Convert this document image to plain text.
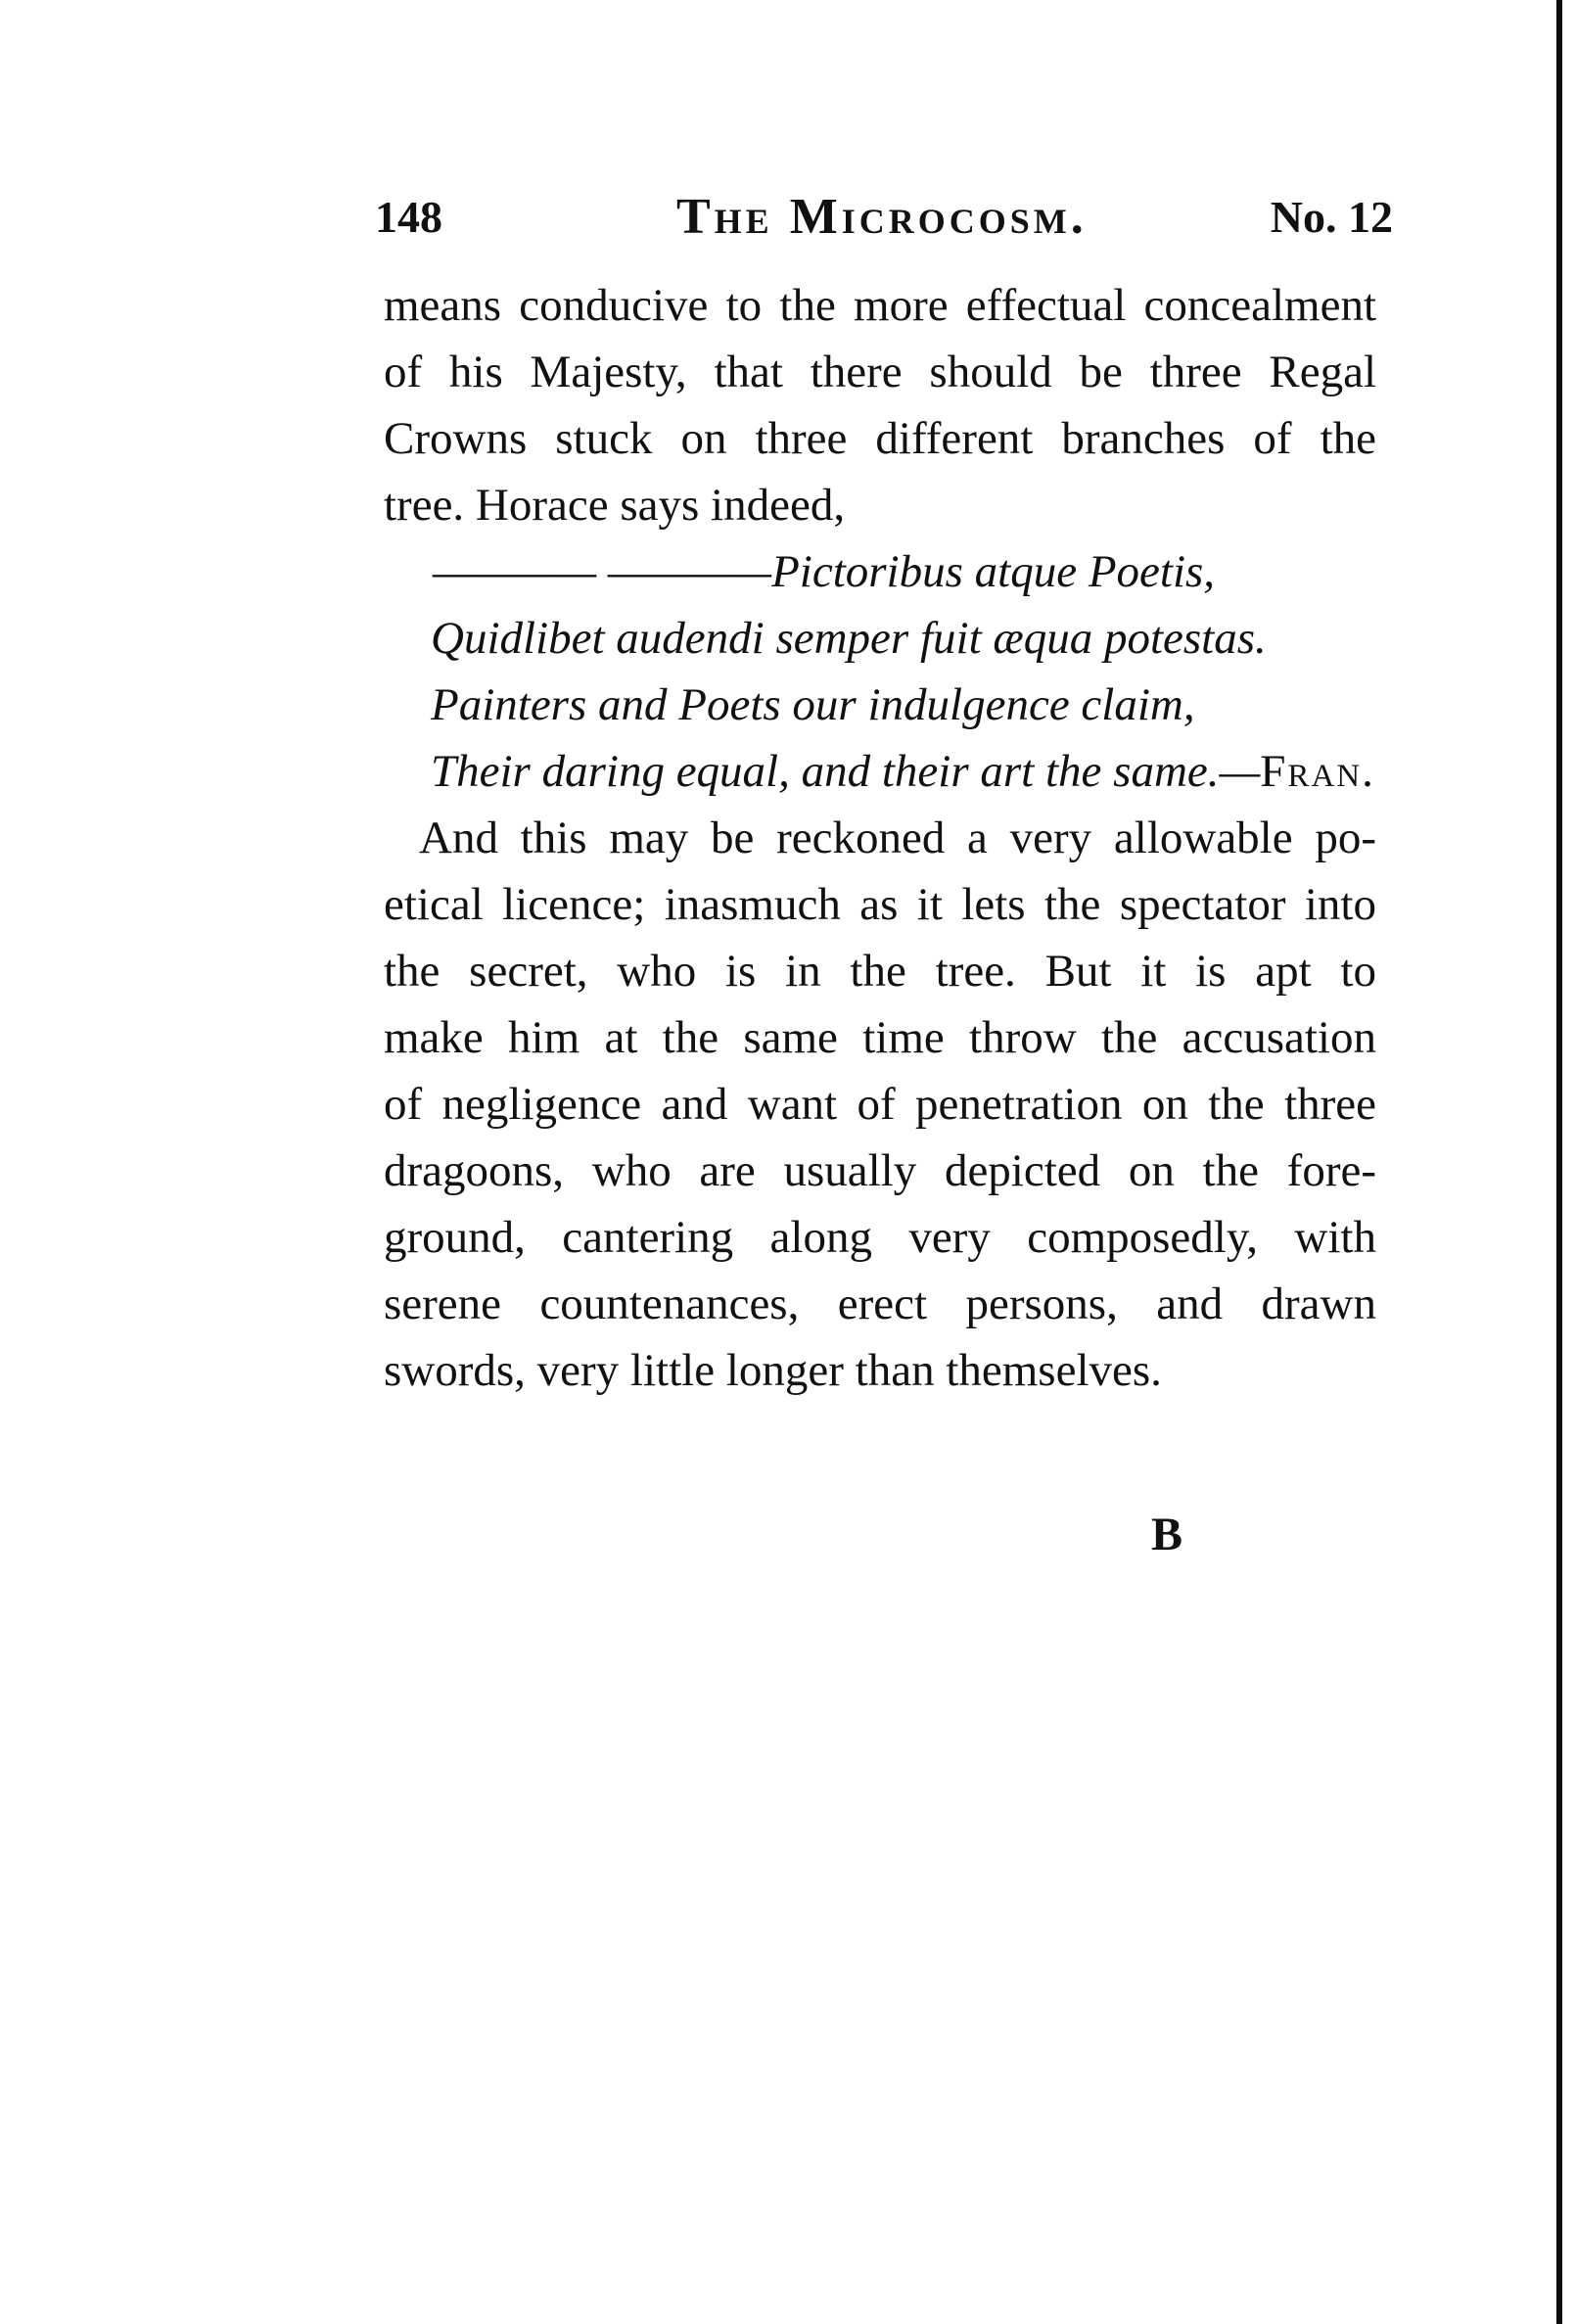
148	The Microcosm.	No. 12
means conducive to the more effectual concealment
of his Majesty, that there should be three Regal
Crowns stuck on three different branches of the
tree. Horace says indeed,
———— ————Pictoribus atque Poetis,
Quidlibet audendi semper fuit æqua potestas.
Painters and Poets our indulgence claim,
Their daring equal, and their art the same.—Fran.
And this may be reckoned a very allowable po-
etical licence; inasmuch as it lets the spectator into
the secret, who is in the tree. But it is apt to
make him at the same time throw the accusation
of negligence and want of penetration on the three
dragoons, who are usually depicted on the fore-
ground, cantering along very composedly, with
serene countenances, erect persons, and drawn
swords, very little longer than themselves.
B
